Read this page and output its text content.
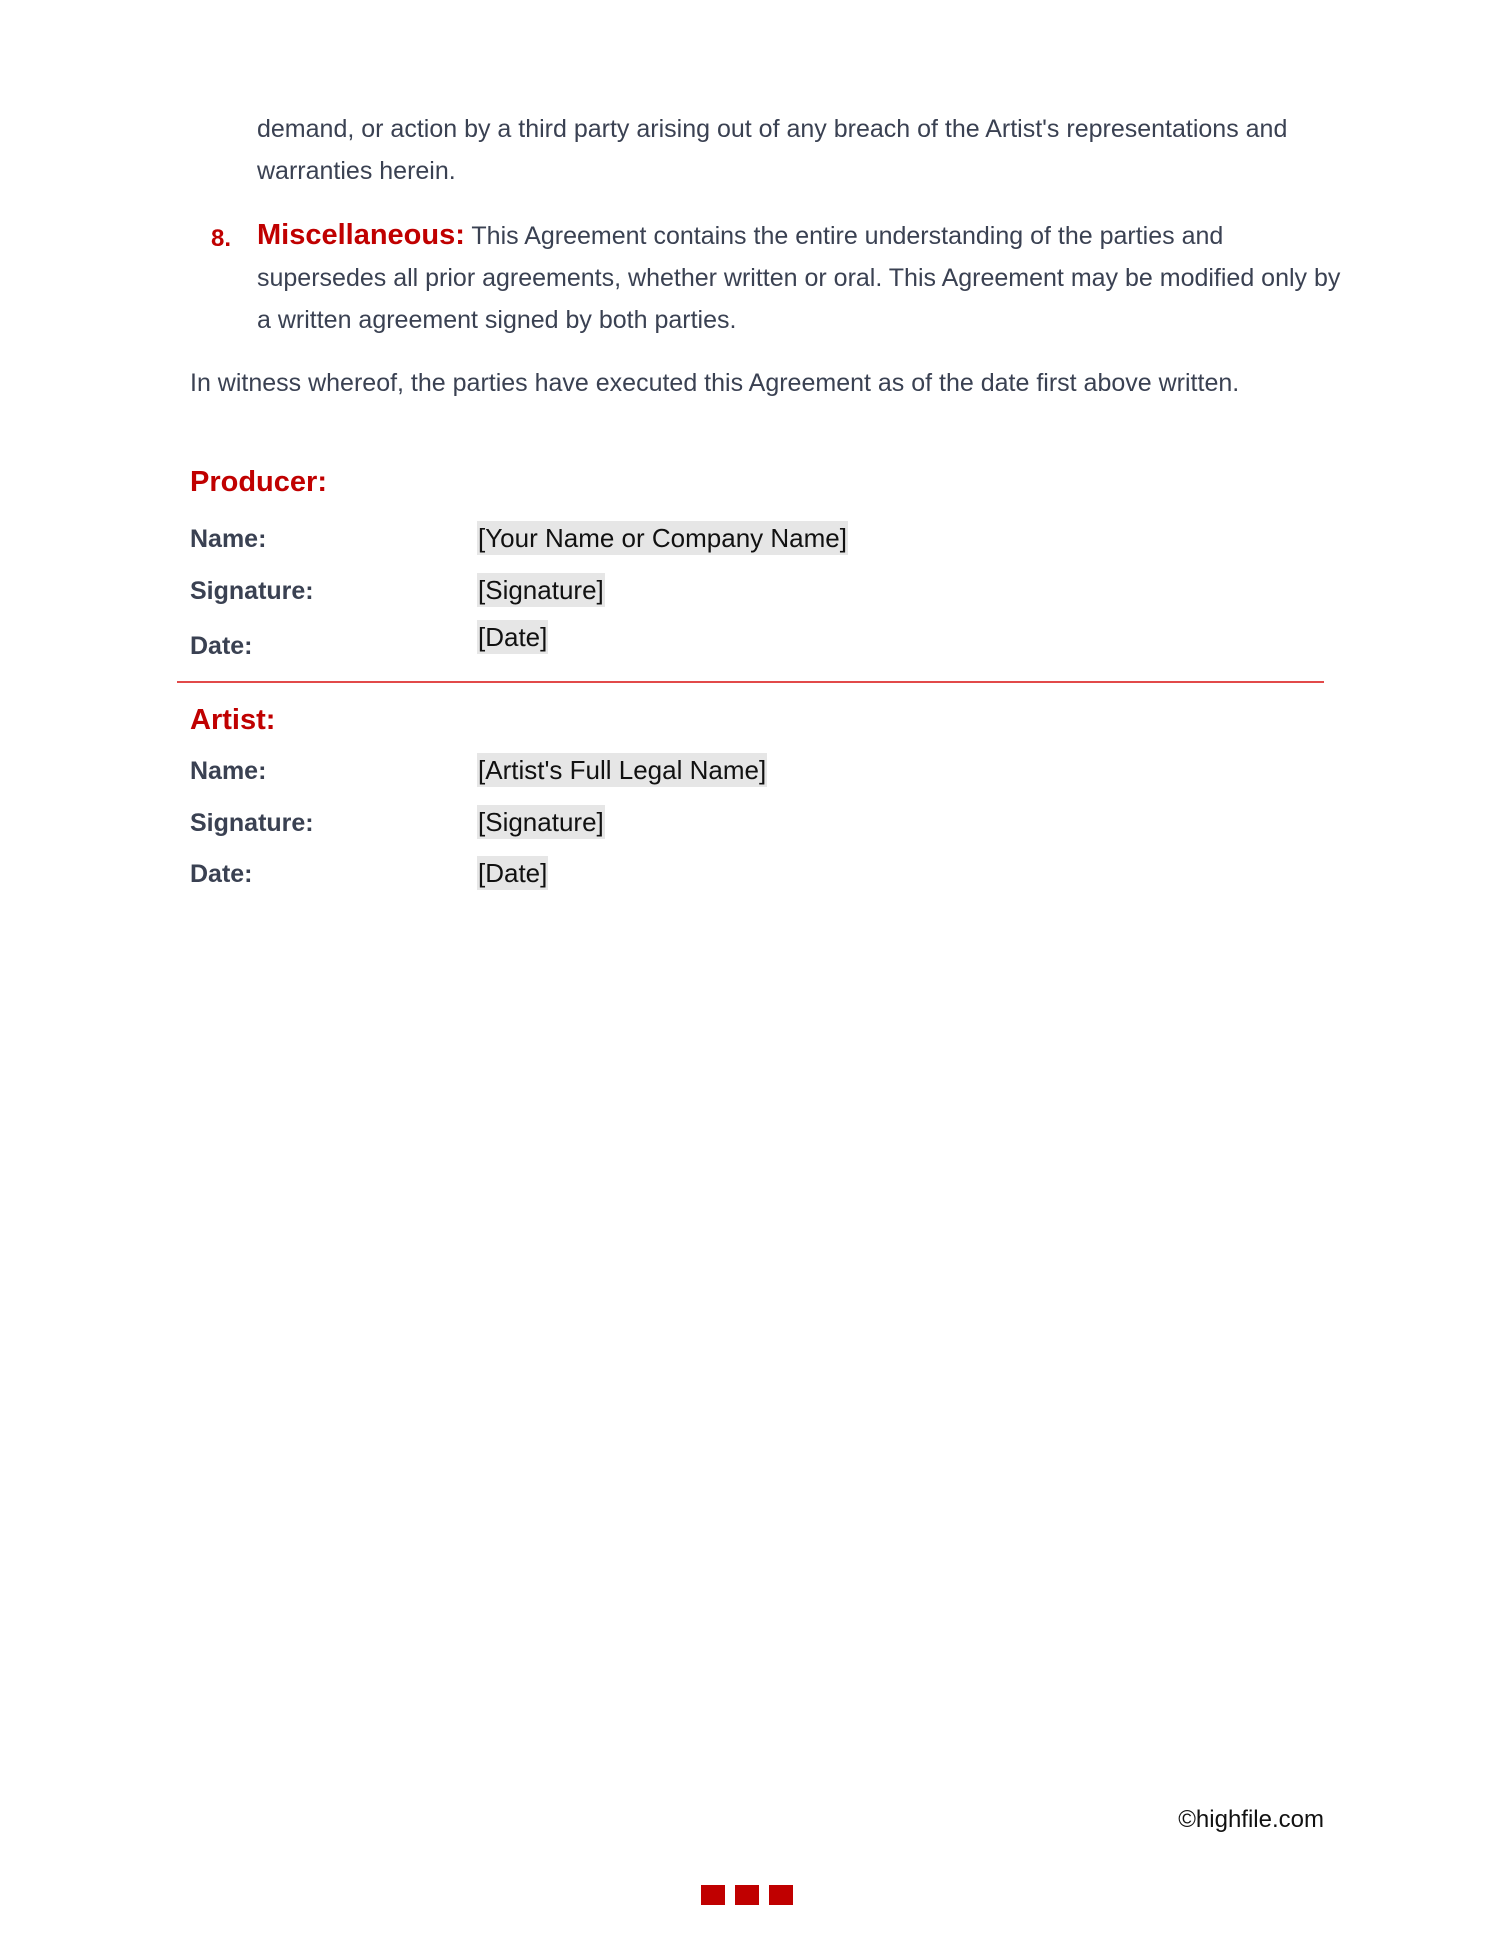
demand, or action by a third party arising out of any breach of the Artist's representations and warranties herein.
8. Miscellaneous: This Agreement contains the entire understanding of the parties and supersedes all prior agreements, whether written or oral. This Agreement may be modified only by a written agreement signed by both parties.
In witness whereof, the parties have executed this Agreement as of the date first above written.
Producer:
Name:	[Your Name or Company Name]
Signature:	[Signature]
Date:	[Date]
Artist:
Name:	[Artist's Full Legal Name]
Signature:	[Signature]
Date:	[Date]
©highfile.com
